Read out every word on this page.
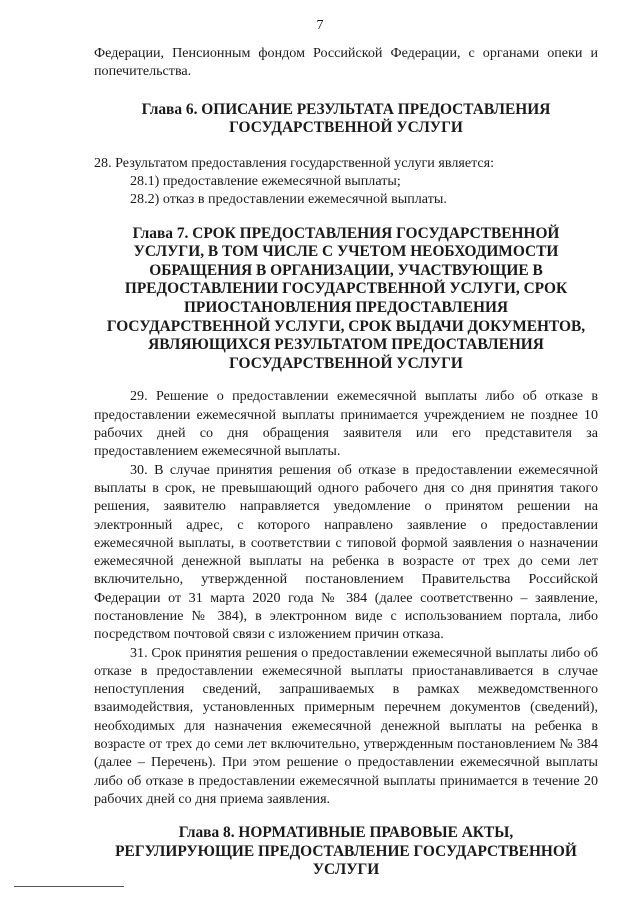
7

Федерации, Пенсионным фондом Российской Федерации, с органами опеки и попечительства.

Глава 6. ОПИСАНИЕ РЕЗУЛЬТАТА ПРЕДОСТАВЛЕНИЯ ГОСУДАРСТВЕННОЙ УСЛУГИ

28. Результатом предоставления государственной услуги является:

28.1) предоставление ежемесячной выплаты;
28.2) отказ в предоставлении ежемесячной выплаты.
Глава 7. СРОК ПРЕДОСТАВЛЕНИЯ ГОСУДАРСТВЕННОЙ УСЛУГИ, В ТОМ ЧИСЛЕ С УЧЕТОМ НЕОБХОДИМОСТИ ОБРАЩЕНИЯ В ОРГАНИЗАЦИИ, УЧАСТВУЮЩИЕ В ПРЕДОСТАВЛЕНИИ ГОСУДАРСТВЕННОЙ УСЛУГИ, СРОК ПРИОСТАНОВЛЕНИЯ ПРЕДОСТАВЛЕНИЯ ГОСУДАРСТВЕННОЙ УСЛУГИ, СРОК ВЫДАЧИ ДОКУМЕНТОВ, ЯВЛЯЮЩИХСЯ РЕЗУЛЬТАТОМ ПРЕДОСТАВЛЕНИЯ ГОСУДАРСТВЕННОЙ УСЛУГИ

29. Решение о предоставлении ежемесячной выплаты либо об отказе в предоставлении ежемесячной выплаты принимается учреждением не позднее 10 рабочих дней со дня обращения заявителя или его представителя за предоставлением ежемесячной выплаты.

30. В случае принятия решения об отказе в предоставлении ежемесячной выплаты в срок, не превышающий одного рабочего дня со дня принятия такого решения, заявителю направляется уведомление о принятом решении на электронный адрес, с которого направлено заявление о предоставлении ежемесячной выплаты, в соответствии с типовой формой заявления о назначении ежемесячной денежной выплаты на ребенка в возрасте от трех до семи лет включительно, утвержденной постановлением Правительства Российской Федерации от 31 марта 2020 года № 384 (далее соответственно – заявление, постановление № 384), в электронном виде с использованием портала, либо посредством почтовой связи с изложением причин отказа.

31. Срок принятия решения о предоставлении ежемесячной выплаты либо об отказе в предоставлении ежемесячной выплаты приостанавливается в случае непоступления сведений, запрашиваемых в рамках межведомственного взаимодействия, установленных примерным перечнем документов (сведений), необходимых для назначения ежемесячной денежной выплаты на ребенка в возрасте от трех до семи лет включительно, утвержденным постановлением № 384 (далее – Перечень). При этом решение о предоставлении ежемесячной выплаты либо об отказе в предоставлении ежемесячной выплаты принимается в течение 20 рабочих дней со дня приема заявления.

Глава 8. НОРМАТИВНЫЕ ПРАВОВЫЕ АКТЫ, РЕГУЛИРУЮЩИЕ ПРЕДОСТАВЛЕНИЕ ГОСУДАРСТВЕННОЙ УСЛУГИ
